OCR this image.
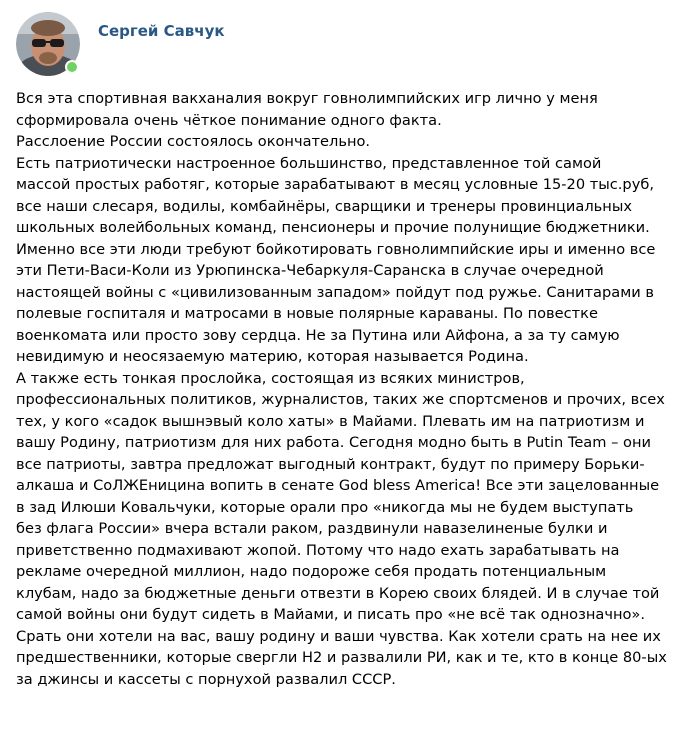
Сергей Савчук
Вся эта спортивная вакханалия вокруг говнолимпийских игр лично у меня
сформировала очень чёткое понимание одного факта.
Расслоение России состоялось окончательно.
Есть патриотически настроенное большинство, представленное той самой
массой простых работяг, которые зарабатывают в месяц условные 15-20 тыс.руб,
все наши слесаря, водилы, комбайнёры, сварщики и тренеры провинциальных
школьных волейбольных команд, пенсионеры и прочие полунищие бюджетники.
Именно все эти люди требуют бойкотировать говнолимпийские иры и именно все
эти Пети-Васи-Коли из Урюпинска-Чебаркуля-Саранска в случае очередной
настоящей войны с «цивилизованным западом» пойдут под ружье. Санитарами в
полевые госпиталя и матросами в новые полярные караваны. По повестке
военкомата или просто зову сердца. Не за Путина или Айфона, а за ту самую
невидимую и неосязаемую материю, которая называется Родина.
А также есть тонкая прослойка, состоящая из всяких министров,
профессиональных политиков, журналистов, таких же спортсменов и прочих, всех
тех, у кого «садок вышнэвый коло хаты» в Майами. Плевать им на патриотизм и
вашу Родину, патриотизм для них работа. Сегодня модно быть в Putin Team – они
все патриоты, завтра предложат выгодный контракт, будут по примеру Борьки-
алкаша и СоЛЖЕницина вопить в сенате God bless America! Все эти зацелованные
в зад Илюши Ковальчуки, которые орали про «никогда мы не будем выступать
без флага России» вчера встали раком, раздвинули навазелиненые булки и
приветственно подмахивают жопой. Потому что надо ехать зарабатывать на
рекламе очередной миллион, надо подороже себя продать потенциальным
клубам, надо за бюджетные деньги отвезти в Корею своих блядей. И в случае той
самой войны они будут сидеть в Майами, и писать про «не всё так однозначно».
Срать они хотели на вас, вашу родину и ваши чувства. Как хотели срать на нее их
предшественники, которые свергли Н2 и развалили РИ, как и те, кто в конце 80-ых
за джинсы и кассеты с порнухой развалил СССР.
